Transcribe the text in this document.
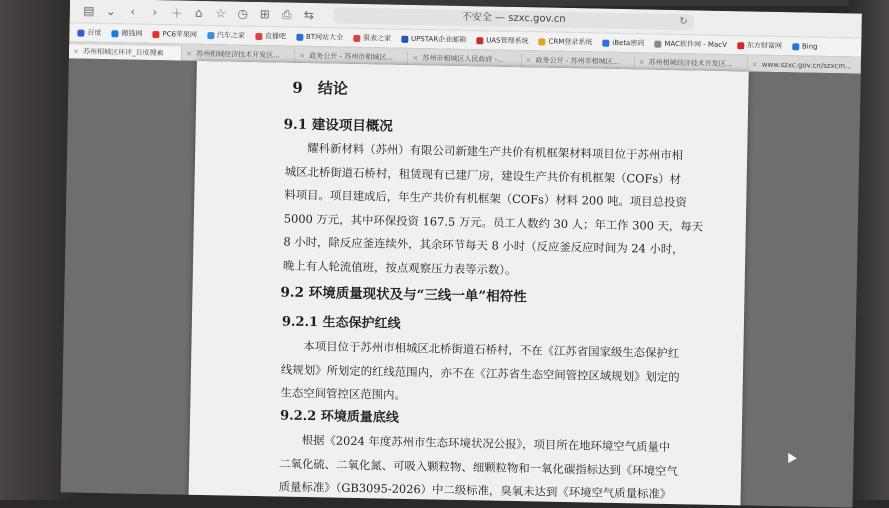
▤ ⌄	‹	›	＋ ⌂	☆ ◷ ⊞ ⎙ ⇆	不安全 — szxc.gov.cn	↻
百度	搬钱网	PC6苹果网	汽车之家	直播吧	BT网站大全	狠表之家	UPSTAR企业邮箱	UAS管理系统	CRM登录系统	iBeta密码	MAC软件网 - MacV	东方财富网	Bing
× 苏州相城区环评_百度搜索	× 苏州相城经济技术开发区...	× 政务公开 - 苏州市相城区...	× 苏州市相城区人民政府 -...	× 政务公开 - 苏州市相城区...	× 苏州相城经济技术开发区...	× www.szxc.gov.cn/szxcm...
9　结论
9.1 建设项目概况
耀科新材料（苏州）有限公司新建生产共价有机框架材料项目位于苏州市相
城区北桥街道石桥村，租赁现有已建厂房，建设生产共价有机框架（COFs）材
料项目。项目建成后，年生产共价有机框架（COFs）材料 200 吨。项目总投资
5000 万元，其中环保投资 167.5 万元。员工人数约 30 人；年工作 300 天，每天
8 小时，除反应釜连续外，其余环节每天 8 小时（反应釜反应时间为 24 小时，
晚上有人轮流值班，按点观察压力表等示数）。
9.2 环境质量现状及与“三线一单”相符性
9.2.1 生态保护红线
本项目位于苏州市相城区北桥街道石桥村，不在《江苏省国家级生态保护红
线规划》所划定的红线范围内，亦不在《江苏省生态空间管控区域规划》划定的
生态空间管控区范围内。
9.2.2 环境质量底线
根据《2024 年度苏州市生态环境状况公报》，项目所在地环境空气质量中
二氧化硫、二氧化氮、可吸入颗粒物、细颗粒物和一氧化碳指标达到《环境空气
质量标准》（GB3095-2026）中二级标准，臭氧未达到《环境空气质量标准》
